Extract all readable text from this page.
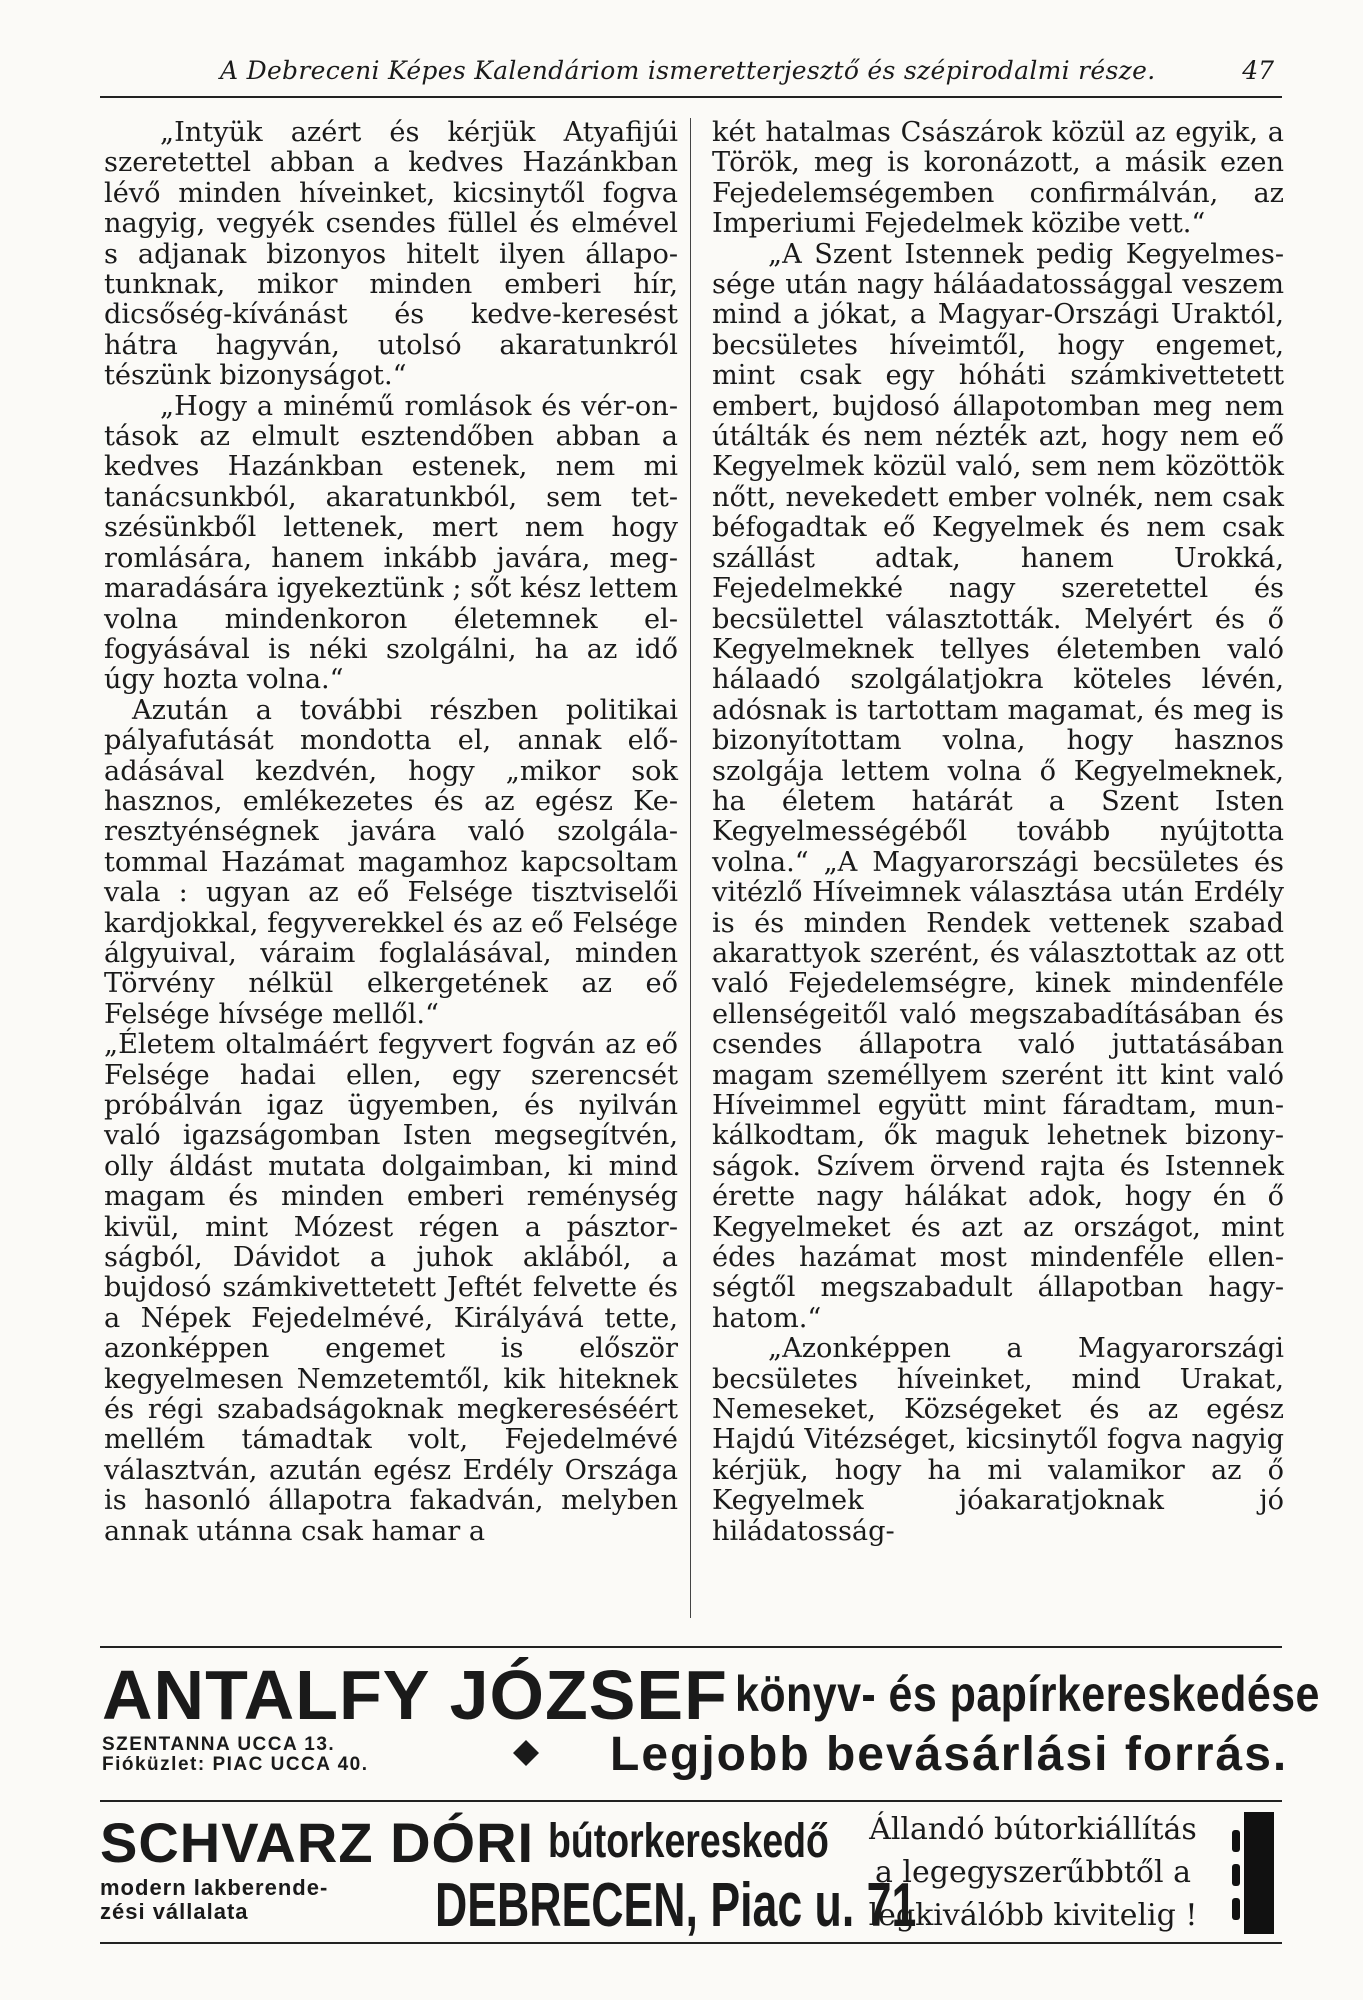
A Debreceni Képes Kalendáriom ismeretterjesztő és szépirodalmi része.	47

„Intyük azért és kérjük Atyafijúi szeretettel abban a kedves Hazánkban lévő minden híveinket, kicsinytől fogva nagyig, vegyék csendes füllel és elmével s adjanak bizonyos hitelt ilyen állapotunknak, mikor minden emberi hír, dicsőség-kívánást és kedve-keresést hátra hagyván, utolsó akaratunkról tészünk bizonyságot.“

„Hogy a minémű romlások és vér-ontások az elmult esztendőben abban a kedves Hazánkban estenek, nem mi tanácsunkból, akaratunkból, sem tetszésünkből lettenek, mert nem hogy romlására, hanem inkább javára, megmaradására igyekeztünk ; sőt kész lettem volna mindenkoron életemnek elfogyásával is néki szolgálni, ha az idő úgy hozta volna.“

Azután a további részben politikai pályafutását mondotta el, annak előadásával kezdvén, hogy „mikor sok hasznos, emlékezetes és az egész Keresztyénségnek javára való szolgálatommal Hazámat magamhoz kapcsoltam vala : ugyan az eő Felsége tisztviselői kardjokkal, fegyverekkel és az eő Felsége álgyuival, váraim foglalásával, minden Törvény nélkül elkergetének az eő Felsége hívsége mellől.“

„Életem oltalmáért fegyvert fogván az eő Felsége hadai ellen, egy szerencsét próbálván igaz ügyemben, és nyilván való igazságomban Isten megsegítvén, olly áldást mutata dolgaimban, ki mind magam és minden emberi reménység kivül, mint Mózest régen a pásztorságból, Dávidot a juhok aklából, a bujdosó számkivettetett Jeftét felvette és a Népek Fejedelmévé, Királyává tette, azonképpen engemet is először kegyelmesen Nemzetemtől, kik hiteknek és régi szabadságoknak megkereséséért mellém támadtak volt, Fejedelmévé választván, azután egész Erdély Országa is hasonló állapotra fakadván, melyben annak utánna csak hamar a

két hatalmas Császárok közül az egyik, a Török, meg is koronázott, a másik ezen Fejedelemségemben confirmálván, az Imperiumi Fejedelmek közibe vett.“

„A Szent Istennek pedig Kegyelmessége után nagy háláadatossággal veszem mind a jókat, a Magyar-Országi Uraktól, becsületes híveimtől, hogy engemet, mint csak egy hóháti számkivettetett embert, bujdosó állapotomban meg nem útálták és nem nézték azt, hogy nem eő Kegyelmek közül való, sem nem közöttök nőtt, nevekedett ember volnék, nem csak béfogadtak eő Kegyelmek és nem csak szállást adtak, hanem Urokká, Fejedelmekké nagy szeretettel és becsülettel választották. Melyért és ő Kegyelmeknek tellyes életemben való hálaadó szolgálatjokra köteles lévén, adósnak is tartottam magamat, és meg is bizonyítottam volna, hogy hasznos szolgája lettem volna ő Kegyelmeknek, ha életem határát a Szent Isten Kegyelmességéből tovább nyújtotta volna.“ „A Magyarországi becsületes és vitézlő Híveimnek választása után Erdély is és minden Rendek vettenek szabad akarattyok szerént, és választottak az ott való Fejedelemségre, kinek mindenféle ellenségeitől való megszabadításában és csendes állapotra való juttatásában magam személlyem szerént itt kint való Híveimmel együtt mint fáradtam, munkálkodtam, ők maguk lehetnek bizonyságok. Szívem örvend rajta és Istennek érette nagy hálákat adok, hogy én ő Kegyelmeket és azt az országot, mint édes hazámat most mindenféle ellenségtől megszabadult állapotban hagyhatom.“

„Azonképpen a Magyarországi becsületes híveinket, mind Urakat, Nemeseket, Községeket és az egész Hajdú Vitézséget, kicsinytől fogva nagyig kérjük, hogy ha mi valamikor az ő Kegyelmek jóakaratjoknak jó hiládatosság-

ANTALFY JÓZSEF könyv- és papírkereskedése
SZENTANNA UCCA 13.
Fióküzlet: PIAC UCCA 40.	Legjobb bevásárlási forrás.
SCHVARZ DÓRI bútorkereskedő
modern lakberende-
zési vállalata	DEBRECEN, Piac u. 71
Állandó bútorkiállítás
a legegyszerűbbtől a
legkiválóbb kivitelig !
